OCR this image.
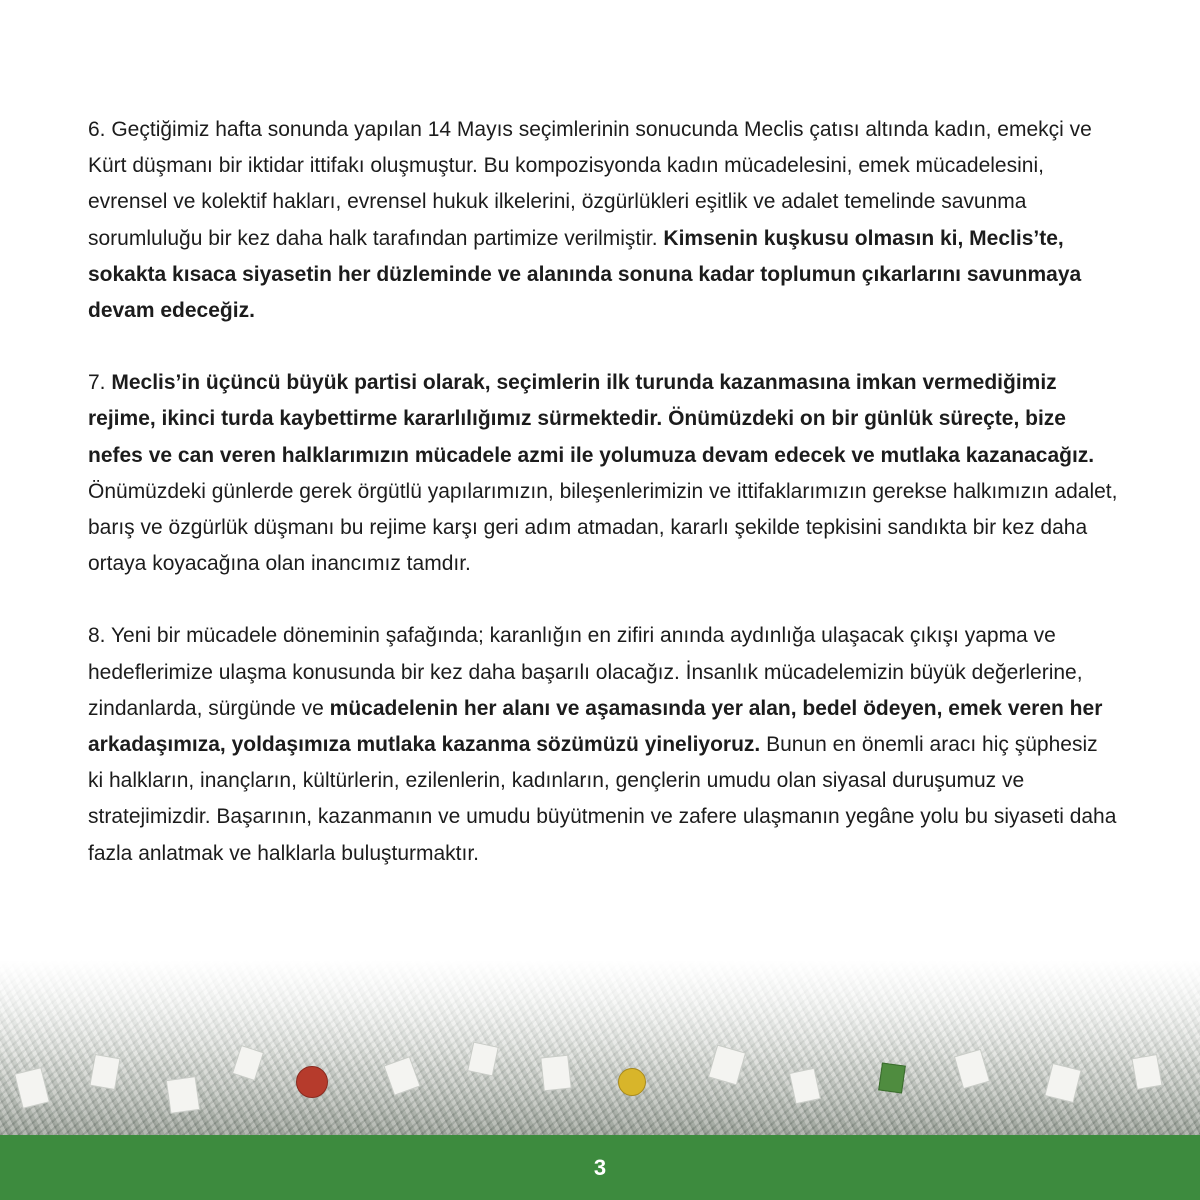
6. Geçtiğimiz hafta sonunda yapılan 14 Mayıs seçimlerinin sonucunda Meclis çatısı altında kadın, emekçi ve Kürt düşmanı bir iktidar ittifakı oluşmuştur. Bu kompozisyonda kadın mücadelesini, emek mücadelesini, evrensel ve kolektif hakları, evrensel hukuk ilkelerini, özgürlükleri eşitlik ve adalet temelinde savunma sorumluluğu bir kez daha halk tarafından partimize verilmiştir. Kimsenin kuşkusu olmasın ki, Meclis’te, sokakta kısaca siyasetin her düzleminde ve alanında sonuna kadar toplumun çıkarlarını savunmaya devam edeceğiz.

7. Meclis’in üçüncü büyük partisi olarak, seçimlerin ilk turunda kazanmasına imkan vermediğimiz rejime, ikinci turda kaybettirme kararlılığımız sürmektedir. Önümüzdeki on bir günlük süreçte, bize nefes ve can veren halklarımızın mücadele azmi ile yolumuza devam edecek ve mutlaka kazanacağız. Önümüzdeki günlerde gerek örgütlü yapılarımızın, bileşenlerimizin ve ittifaklarımızın gerekse halkımızın adalet, barış ve özgürlük düşmanı bu rejime karşı geri adım atmadan, kararlı şekilde tepkisini sandıkta bir kez daha ortaya koyacağına olan inancımız tamdır.

8. Yeni bir mücadele döneminin şafağında; karanlığın en zifiri anında aydınlığa ulaşacak çıkışı yapma ve hedeflerimize ulaşma konusunda bir kez daha başarılı olacağız. İnsanlık mücadelemizin büyük değerlerine, zindanlarda, sürgünde ve mücadelenin her alanı ve aşamasında yer alan, bedel ödeyen, emek veren her arkadaşımıza, yoldaşımıza mutlaka kazanma sözümüzü yineliyoruz. Bunun en önemli aracı hiç şüphesiz ki halkların, inançların, kültürlerin, ezilenlerin, kadınların, gençlerin umudu olan siyasal duruşumuz ve stratejimizdir. Başarının, kazanmanın ve umudu büyütmenin ve zafere ulaşmanın yegâne yolu bu siyaseti daha fazla anlatmak ve halklarla buluşturmaktır.

3
